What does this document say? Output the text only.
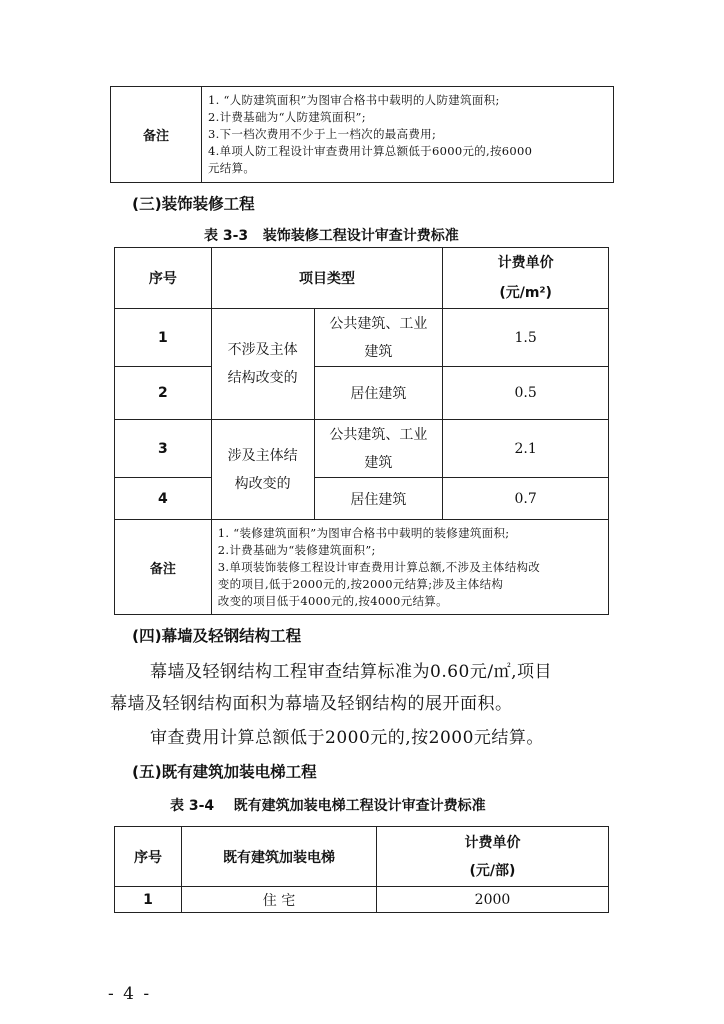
备注	
1. “人防建筑面积”为图审合格书中载明的人防建筑面积;
2.计费基础为“人防建筑面积”;
3.下一档次费用不少于上一档次的最高费用;
4.单项人防工程设计审查费用计算总额低于6000元的,按6000
元结算。
(三)装饰装修工程
表 3-3   装饰装修工程设计审查计费标准
序号	项目类型		计费单价
(元/m²)
1	不涉及主体
结构改变的	公共建筑、工业
建筑	1.5
2		居住建筑	0.5
3	涉及主体结
构改变的	公共建筑、工业
建筑	2.1
4		居住建筑	0.7
备注	1. “装修建筑面积”为图审合格书中载明的装修建筑面积;
2.计费基础为“装修建筑面积”;
3.单项装饰装修工程设计审查费用计算总额,不涉及主体结构改
变的项目,低于2000元的,按2000元结算;涉及主体结构
改变的项目低于4000元的,按4000元结算。		
(四)幕墙及轻钢结构工程
幕墙及轻钢结构工程审查结算标准为0.60元/㎡,项目
幕墙及轻钢结构面积为幕墙及轻钢结构的展开面积。
审查费用计算总额低于2000元的,按2000元结算。
(五)既有建筑加装电梯工程
表 3-4    既有建筑加装电梯工程设计审查计费标准
序号	既有建筑加装电梯	计费单价
(元/部)
1	住 宅	2000
- 4 -
